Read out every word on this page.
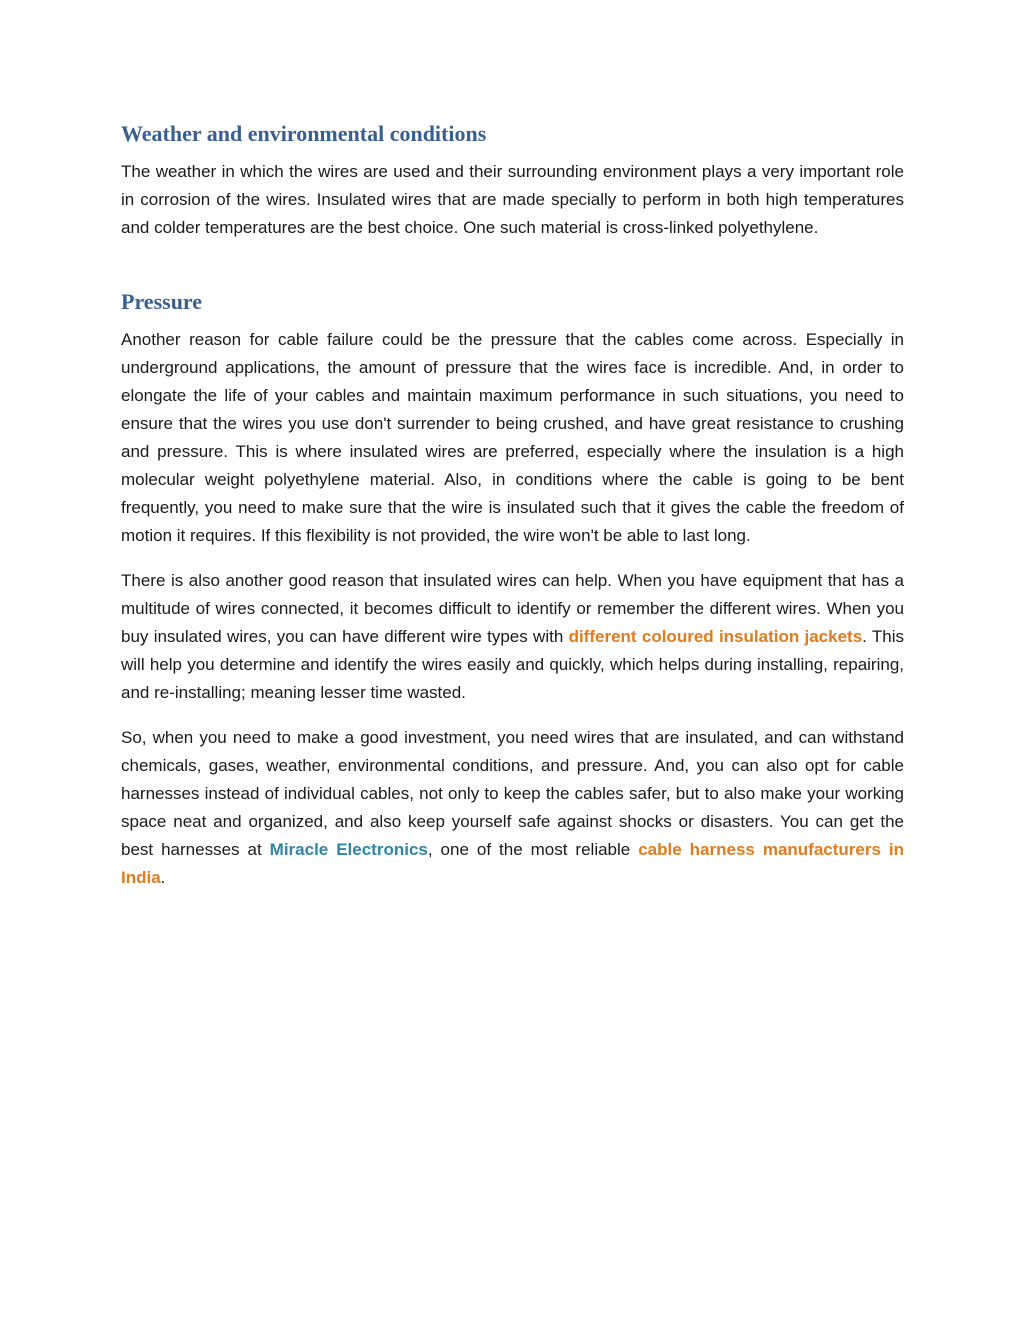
Weather and environmental conditions

The weather in which the wires are used and their surrounding environment plays a very important role in corrosion of the wires. Insulated wires that are made specially to perform in both high temperatures and colder temperatures are the best choice. One such material is cross-linked polyethylene.

Pressure

Another reason for cable failure could be the pressure that the cables come across. Especially in underground applications, the amount of pressure that the wires face is incredible. And, in order to elongate the life of your cables and maintain maximum performance in such situations, you need to ensure that the wires you use don't surrender to being crushed, and have great resistance to crushing and pressure. This is where insulated wires are preferred, especially where the insulation is a high molecular weight polyethylene material. Also, in conditions where the cable is going to be bent frequently, you need to make sure that the wire is insulated such that it gives the cable the freedom of motion it requires. If this flexibility is not provided, the wire won't be able to last long.

There is also another good reason that insulated wires can help. When you have equipment that has a multitude of wires connected, it becomes difficult to identify or remember the different wires. When you buy insulated wires, you can have different wire types with different coloured insulation jackets. This will help you determine and identify the wires easily and quickly, which helps during installing, repairing, and re-installing; meaning lesser time wasted.

So, when you need to make a good investment, you need wires that are insulated, and can withstand chemicals, gases, weather, environmental conditions, and pressure. And, you can also opt for cable harnesses instead of individual cables, not only to keep the cables safer, but to also make your working space neat and organized, and also keep yourself safe against shocks or disasters. You can get the best harnesses at Miracle Electronics, one of the most reliable cable harness manufacturers in India.
